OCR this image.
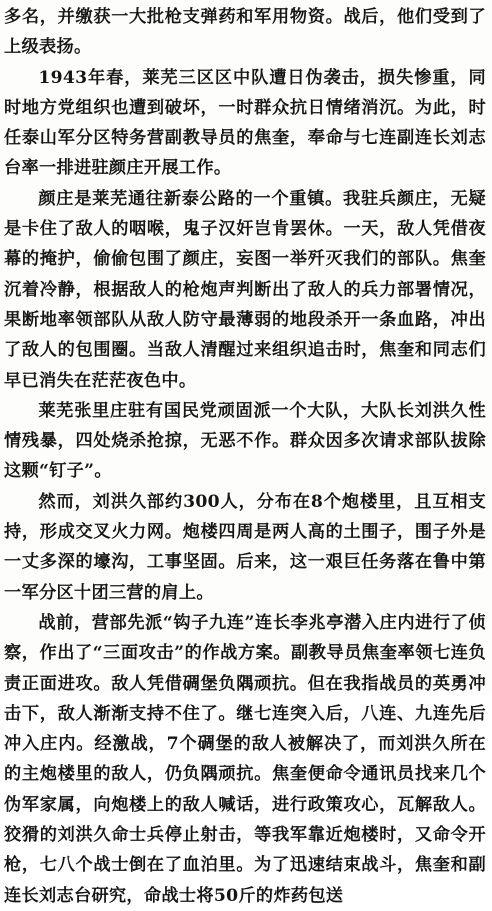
多名，并缴获一大批枪支弹药和军用物资。战后，他们受到了上级表扬。

1943年春，莱芜三区区中队遭日伪袭击，损失惨重，同时地方党组织也遭到破坏，一时群众抗日情绪消沉。为此，时任泰山军分区特务营副教导员的焦奎，奉命与七连副连长刘志台率一排进驻颜庄开展工作。

颜庄是莱芜通往新泰公路的一个重镇。我驻兵颜庄，无疑是卡住了敌人的咽喉，鬼子汉奸岂肯罢休。一天，敌人凭借夜幕的掩护，偷偷包围了颜庄，妄图一举歼灭我们的部队。焦奎沉着冷静，根据敌人的枪炮声判断出了敌人的兵力部署情况，果断地率领部队从敌人防守最薄弱的地段杀开一条血路，冲出了敌人的包围圈。当敌人清醒过来组织追击时，焦奎和同志们早已消失在茫茫夜色中。

莱芜张里庄驻有国民党顽固派一个大队，大队长刘洪久性情残暴，四处烧杀抢掠，无恶不作。群众因多次请求部队拔除这颗“钉子”。

然而，刘洪久部约300人，分布在8个炮楼里，且互相支持，形成交叉火力网。炮楼四周是两人高的土围子，围子外是一丈多深的壕沟，工事坚固。后来，这一艰巨任务落在鲁中第一军分区十团三营的肩上。

战前，营部先派“钩子九连”连长李兆亭潜入庄内进行了侦察，作出了“三面攻击”的作战方案。副教导员焦奎率领七连负责正面进攻。敌人凭借碉堡负隅顽抗。但在我指战员的英勇冲击下，敌人渐渐支持不住了。继七连突入后，八连、九连先后冲入庄内。经激战，7个碉堡的敌人被解决了，而刘洪久所在的主炮楼里的敌人，仍负隅顽抗。焦奎便命令通讯员找来几个伪军家属，向炮楼上的敌人喊话，进行政策攻心，瓦解敌人。狡猾的刘洪久命士兵停止射击，等我军靠近炮楼时，又命令开枪，七八个战士倒在了血泊里。为了迅速结束战斗，焦奎和副连长刘志台研究，命战士将50斤的炸药包送
